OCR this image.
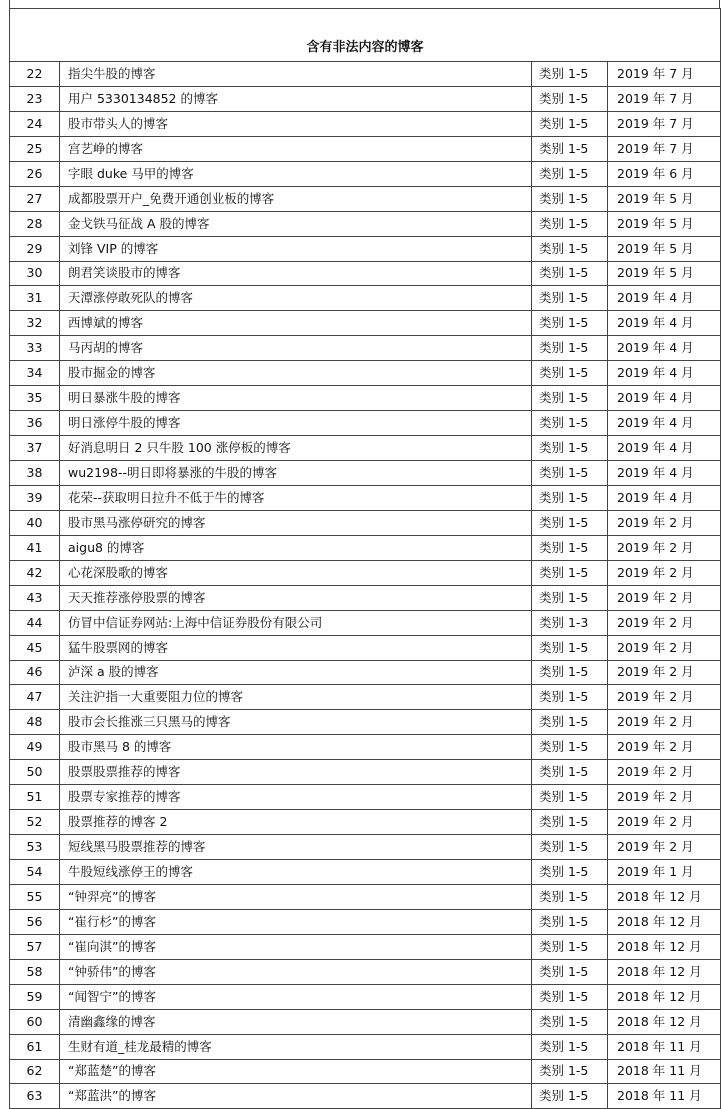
含有非法内容的博客			
22	指尖牛股的博客	类别 1-5	2019 年 7 月
23	用户 5330134852 的博客	类别 1-5	2019 年 7 月
24	股市带头人的博客	类别 1-5	2019 年 7 月
25	宫艺峥的博客	类别 1-5	2019 年 7 月
26	字眼 duke 马甲的博客	类别 1-5	2019 年 6 月
27	成都股票开户_免费开通创业板的博客	类别 1-5	2019 年 5 月
28	金戈铁马征战 A 股的博客	类别 1-5	2019 年 5 月
29	刘锋 VIP 的博客	类别 1-5	2019 年 5 月
30	朗君笑谈股市的博客	类别 1-5	2019 年 5 月
31	天潭涨停敢死队的博客	类别 1-5	2019 年 4 月
32	西博斌的博客	类别 1-5	2019 年 4 月
33	马丙胡的博客	类别 1-5	2019 年 4 月
34	股市掘金的博客	类别 1-5	2019 年 4 月
35	明日暴涨牛股的博客	类别 1-5	2019 年 4 月
36	明日涨停牛股的博客	类别 1-5	2019 年 4 月
37	好消息明日 2 只牛股 100 涨停板的博客	类别 1-5	2019 年 4 月
38	wu2198--明日即将暴涨的牛股的博客	类别 1-5	2019 年 4 月
39	花荣--获取明日拉升不低于牛的博客	类别 1-5	2019 年 4 月
40	股市黑马涨停研究的博客	类别 1-5	2019 年 2 月
41	aigu8 的博客	类别 1-5	2019 年 2 月
42	心花深股歌的博客	类别 1-5	2019 年 2 月
43	天天推荐涨停股票的博客	类别 1-5	2019 年 2 月
44	仿冒中信证券网站:上海中信证券股份有限公司	类别 1-3	2019 年 2 月
45	猛牛股票网的博客	类别 1-5	2019 年 2 月
46	泸深 a 股的博客	类别 1-5	2019 年 2 月
47	关注沪指一大重要阻力位的博客	类别 1-5	2019 年 2 月
48	股市会长推涨三只黑马的博客	类别 1-5	2019 年 2 月
49	股市黑马 8 的博客	类别 1-5	2019 年 2 月
50	股票股票推荐的博客	类别 1-5	2019 年 2 月
51	股票专家推荐的博客	类别 1-5	2019 年 2 月
52	股票推荐的博客 2	类别 1-5	2019 年 2 月
53	短线黑马股票推荐的博客	类别 1-5	2019 年 2 月
54	牛股短线涨停王的博客	类别 1-5	2019 年 1 月
55	“钟羿亮”的博客	类别 1-5	2018 年 12 月
56	“崔行杉”的博客	类别 1-5	2018 年 12 月
57	“崔向淇”的博客	类别 1-5	2018 年 12 月
58	“钟骄伟”的博客	类别 1-5	2018 年 12 月
59	“闻智宁”的博客	类别 1-5	2018 年 12 月
60	清幽鑫缘的博客	类别 1-5	2018 年 12 月
61	生财有道_桂龙最精的博客	类别 1-5	2018 年 11 月
62	“郑蓝楚”的博客	类别 1-5	2018 年 11 月
63	“郑蓝洪”的博客	类别 1-5	2018 年 11 月
